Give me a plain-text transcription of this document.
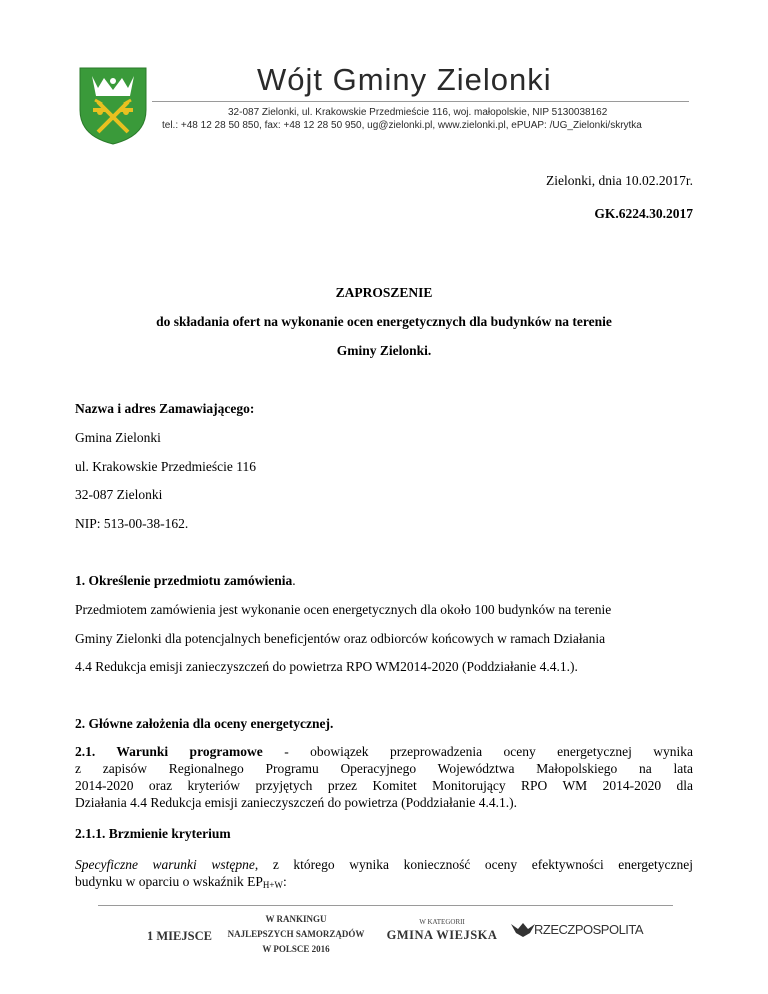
Wójt Gminy Zielonki
32-087 Zielonki, ul. Krakowskie Przedmieście 116, woj. małopolskie, NIP 5130038162
tel.: +48 12 28 50 850, fax: +48 12 28 50 950, ug@zielonki.pl, www.zielonki.pl, ePUAP: /UG_Zielonki/skrytka
Zielonki, dnia 10.02.2017r.
GK.6224.30.2017
ZAPROSZENIE
do składania ofert na wykonanie ocen energetycznych dla budynków na terenie
Gminy Zielonki.
Nazwa i adres Zamawiającego:
Gmina Zielonki
ul. Krakowskie Przedmieście 116
32-087 Zielonki
NIP: 513-00-38-162.
1. Określenie przedmiotu zamówienia.
Przedmiotem zamówienia jest wykonanie ocen energetycznych dla około 100 budynków na terenie
Gminy Zielonki dla potencjalnych beneficjentów oraz odbiorców końcowych w ramach Działania
4.4 Redukcja emisji zanieczyszczeń do powietrza RPO WM2014-2020 (Poddziałanie 4.4.1.).
2. Główne założenia dla oceny energetycznej.
2.1. Warunki programowe - obowiązek przeprowadzenia oceny energetycznej wynika
z zapisów Regionalnego Programu Operacyjnego Województwa Małopolskiego na lata
2014-2020 oraz kryteriów przyjętych przez Komitet Monitorujący RPO WM 2014-2020 dla
Działania 4.4 Redukcja emisji zanieczyszczeń do powietrza (Poddziałanie 4.4.1.).
2.1.1. Brzmienie kryterium
Specyficzne warunki wstępne, z którego wynika konieczność oceny efektywności energetycznej
budynku w oparciu o wskaźnik $EP_{H+W}$:
1 MIEJSCE
W RANKINGU
NAJLEPSZYCH SAMORZĄDÓW
W POLSCE 2016
W KATEGORII
GMINA WIEJSKA	RZECZPOSPOLITA
